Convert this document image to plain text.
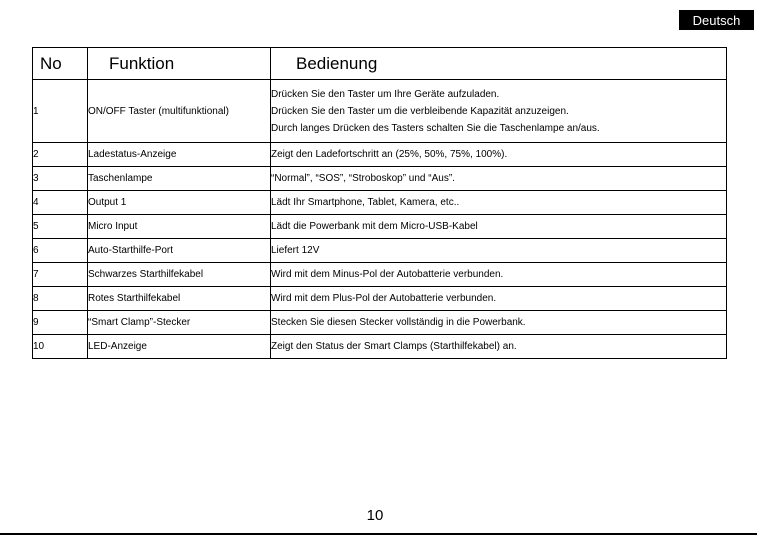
Deutsch
No	Funktion	Bedienung
1	ON/OFF Taster (multifunktional)	Drücken Sie den Taster um Ihre Geräte aufzuladen.
Drücken Sie den Taster um die verbleibende Kapazität anzuzeigen.
Durch langes Drücken des Tasters schalten Sie die Taschenlampe an/aus.

2	Ladestatus-Anzeige	Zeigt den Ladefortschritt an (25%, 50%, 75%, 100%).

3	Taschenlampe	“Normal”, “SOS”, “Stroboskop” und “Aus”.

4	Output 1	Lädt Ihr Smartphone, Tablet, Kamera, etc..

5	Micro Input	Lädt die Powerbank mit dem Micro-USB-Kabel

6	Auto-Starthilfe-Port	Liefert 12V

7	Schwarzes Starthilfekabel	Wird mit dem Minus-Pol der Autobatterie verbunden.

8	Rotes Starthilfekabel	Wird mit dem Plus-Pol der Autobatterie verbunden.

9	“Smart Clamp”-Stecker	Stecken Sie diesen Stecker vollständig in die Powerbank.

10	LED-Anzeige	Zeigt den Status der Smart Clamps (Starthilfekabel) an.
10
